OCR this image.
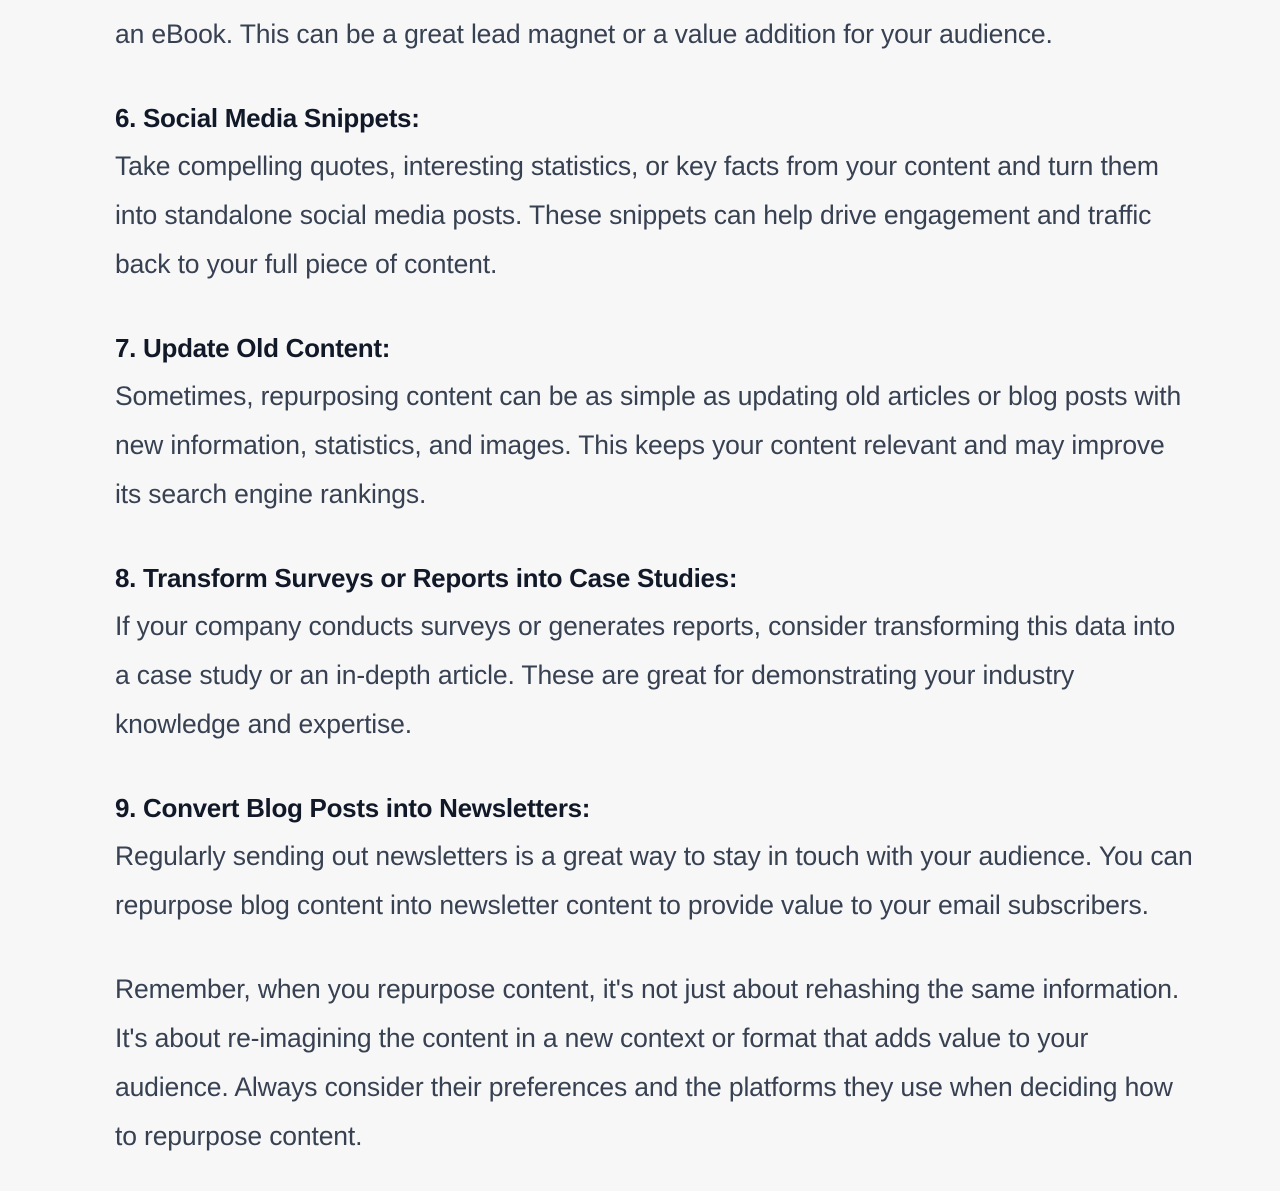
an eBook. This can be a great lead magnet or a value addition for your audience.

6. Social Media Snippets:

Take compelling quotes, interesting statistics, or key facts from your content and turn them

into standalone social media posts. These snippets can help drive engagement and traffic

back to your full piece of content.

7. Update Old Content:

Sometimes, repurposing content can be as simple as updating old articles or blog posts with

new information, statistics, and images. This keeps your content relevant and may improve

its search engine rankings.

8. Transform Surveys or Reports into Case Studies:

If your company conducts surveys or generates reports, consider transforming this data into

a case study or an in-depth article. These are great for demonstrating your industry

knowledge and expertise.

9. Convert Blog Posts into Newsletters:

Regularly sending out newsletters is a great way to stay in touch with your audience. You can

repurpose blog content into newsletter content to provide value to your email subscribers.

Remember, when you repurpose content, it's not just about rehashing the same information.

It's about re-imagining the content in a new context or format that adds value to your

audience. Always consider their preferences and the platforms they use when deciding how

to repurpose content.
